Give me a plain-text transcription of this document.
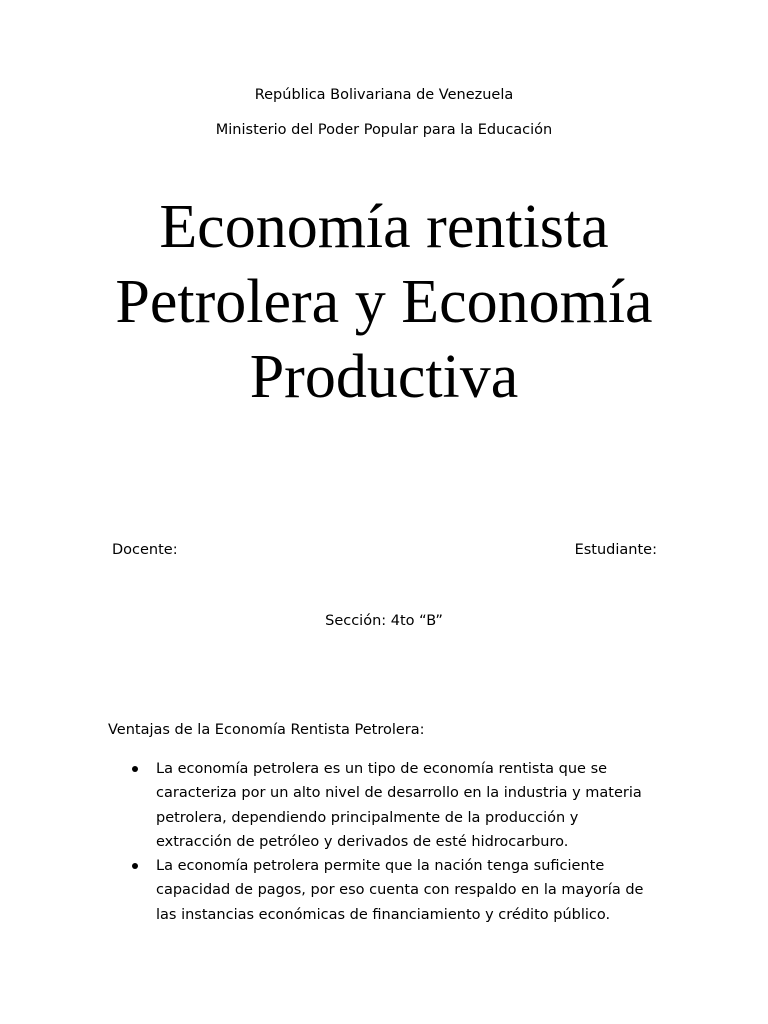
República Bolivariana de Venezuela
Ministerio del Poder Popular para la Educación
Economía rentista
Petrolera y Economía
Productiva
Docente:	Estudiante:
Sección: 4to “B”
Ventajas de la Economía Rentista Petrolera:
La economía petrolera es un tipo de economía rentista que se
caracteriza por un alto nivel de desarrollo en la industria y materia
petrolera, dependiendo principalmente de la producción y
extracción de petróleo y derivados de esté hidrocarburo.
La economía petrolera permite que la nación tenga suficiente
capacidad de pagos, por eso cuenta con respaldo en la mayoría de
las instancias económicas de financiamiento y crédito público.
